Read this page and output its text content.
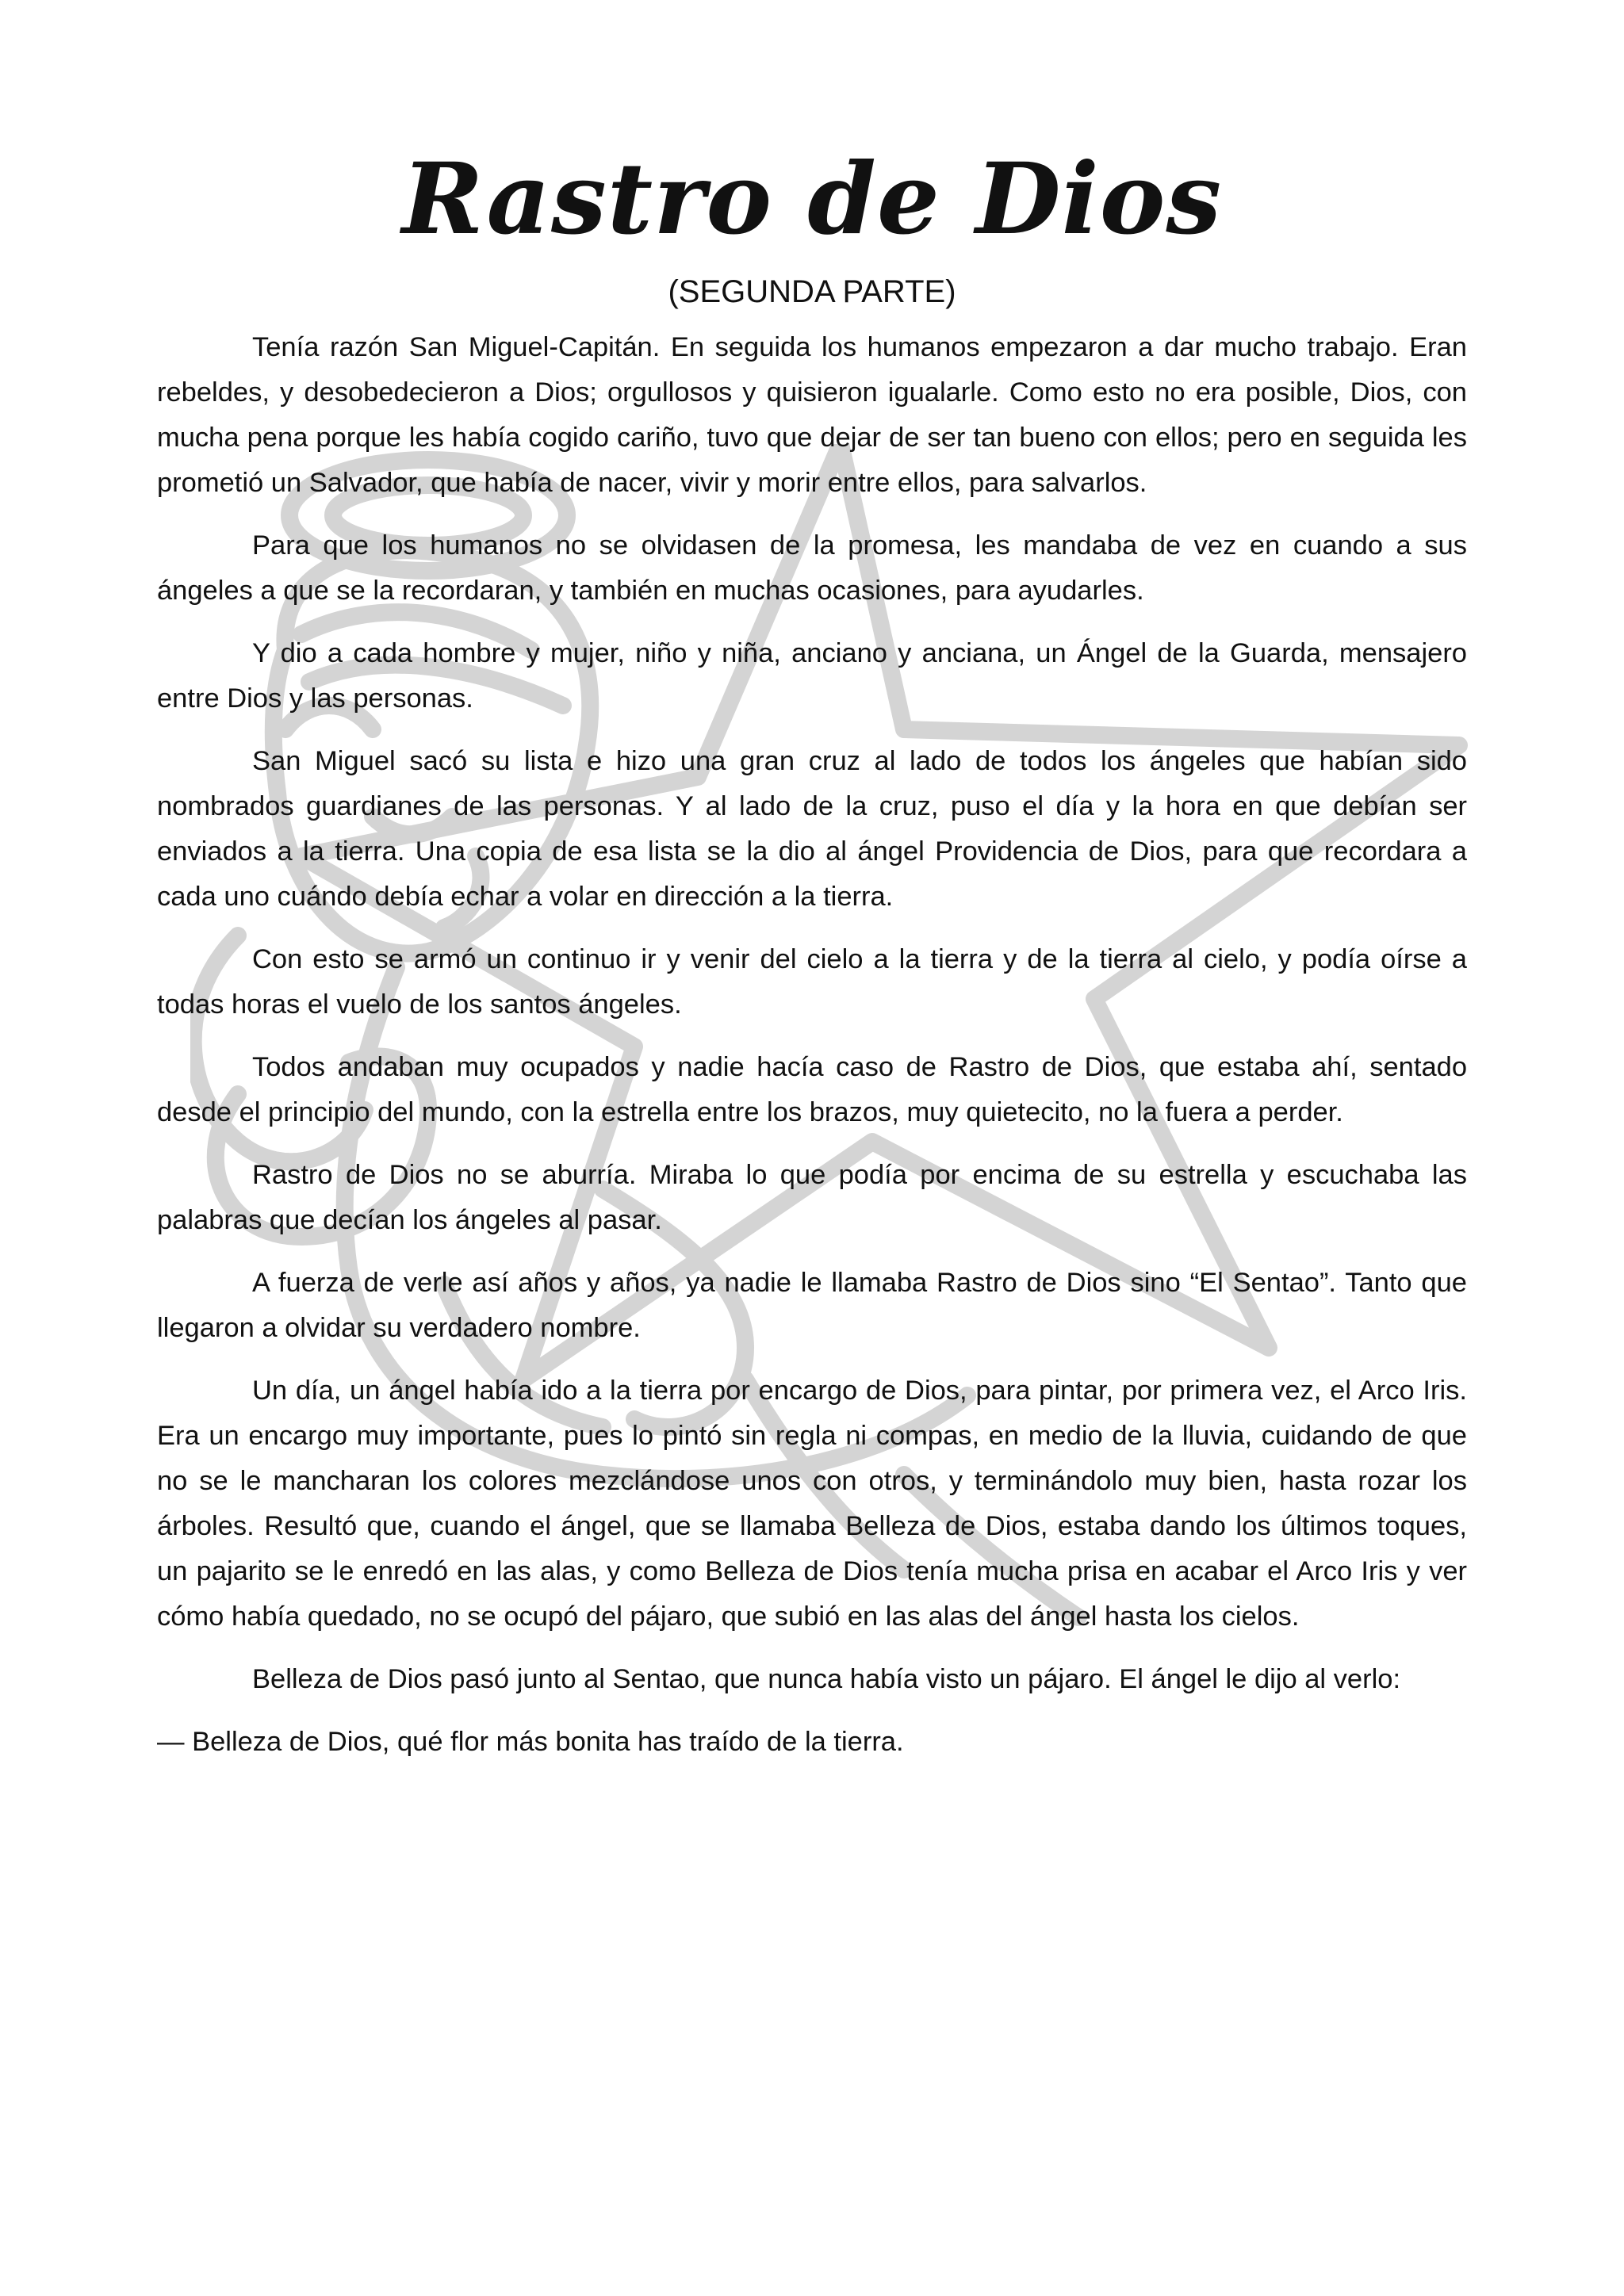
Rastro de Dios
(SEGUNDA PARTE)

Tenía razón San Miguel-Capitán. En seguida los humanos empezaron a dar mucho trabajo. Eran rebeldes, y desobedecieron a Dios; orgullosos y quisieron igualarle. Como esto no era posible, Dios, con mucha pena porque les había cogido cariño, tuvo que dejar de ser tan bueno con ellos; pero en seguida les prometió un Salvador, que había de nacer, vivir y morir entre ellos, para salvarlos.

Para que los humanos no se olvidasen de la promesa, les mandaba de vez en cuando a sus ángeles a que se la recordaran, y también en muchas ocasiones, para ayudarles.

Y dio a cada hombre y mujer, niño y niña, anciano y anciana, un Ángel de la Guarda, mensajero entre Dios y las personas.

San Miguel sacó su lista e hizo una gran cruz al lado de todos los ángeles que habían sido nombrados guardianes de las personas. Y al lado de la cruz, puso el día y la hora en que debían ser enviados a la tierra. Una copia de esa lista se la dio al ángel Providencia de Dios, para que recordara a cada uno cuándo debía echar a volar en dirección a la tierra.

Con esto se armó un continuo ir y venir del cielo a la tierra y de la tierra al cielo, y podía oírse a todas horas el vuelo de los santos ángeles.

Todos andaban muy ocupados y nadie hacía caso de Rastro de Dios, que estaba ahí, sentado desde el principio del mundo, con la estrella entre los brazos, muy quietecito, no la fuera a perder.

Rastro de Dios no se aburría. Miraba lo que podía por encima de su estrella y escuchaba las palabras que decían los ángeles al pasar.

A fuerza de verle así años y años, ya nadie le llamaba Rastro de Dios sino “El Sentao”. Tanto que llegaron a olvidar su verdadero nombre.

Un día, un ángel había ido a la tierra por encargo de Dios, para pintar, por primera vez, el Arco Iris. Era un encargo muy importante, pues lo pintó sin regla ni compas, en medio de la lluvia, cuidando de que no se le mancharan los colores mezclándose unos con otros, y terminándolo muy bien, hasta rozar los árboles. Resultó que, cuando el ángel, que se llamaba Belleza de Dios, estaba dando los últimos toques, un pajarito se le enredó en las alas, y como Belleza de Dios tenía mucha prisa en acabar el Arco Iris y ver cómo había quedado, no se ocupó del pájaro, que subió en las alas del ángel hasta los cielos.

Belleza de Dios pasó junto al Sentao, que nunca había visto un pájaro. El ángel le dijo al verlo:

— Belleza de Dios, qué flor más bonita has traído de la tierra.
